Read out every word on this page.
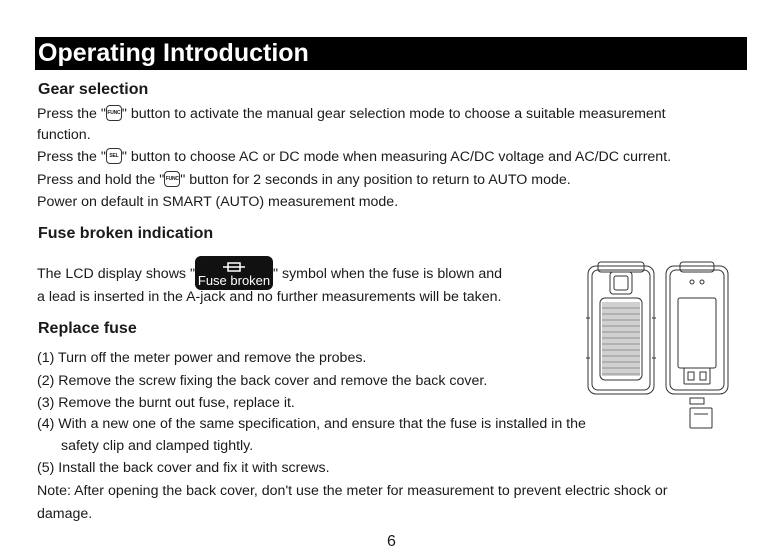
Operating Introduction
Gear selection
Press the "FUNC" button to activate the manual gear selection mode to choose a suitable measurement
function.
Press the " SEL " button to choose AC or DC mode when measuring AC/DC voltage and AC/DC current.
Press and hold the "FUNC" button for 2 seconds in any position to return to AUTO mode.
Power on default in SMART (AUTO) measurement mode.
Fuse broken indication
The LCD display shows " Fuse broken " symbol when the fuse is blown and
a lead is inserted in the A-jack and no further measurements will be taken.
Replace fuse
(1) Turn off the meter power and remove the probes.
(2) Remove the screw fixing the back cover and remove the back cover.
(3) Remove the burnt out fuse, replace it.
(4) With a new one of the same specification, and ensure that the fuse is installed in the
safety clip and clamped tightly.
(5) Install the back cover and fix it with screws.
Note: After opening the back cover, don't use the meter for measurement to prevent electric shock or
damage.
6
